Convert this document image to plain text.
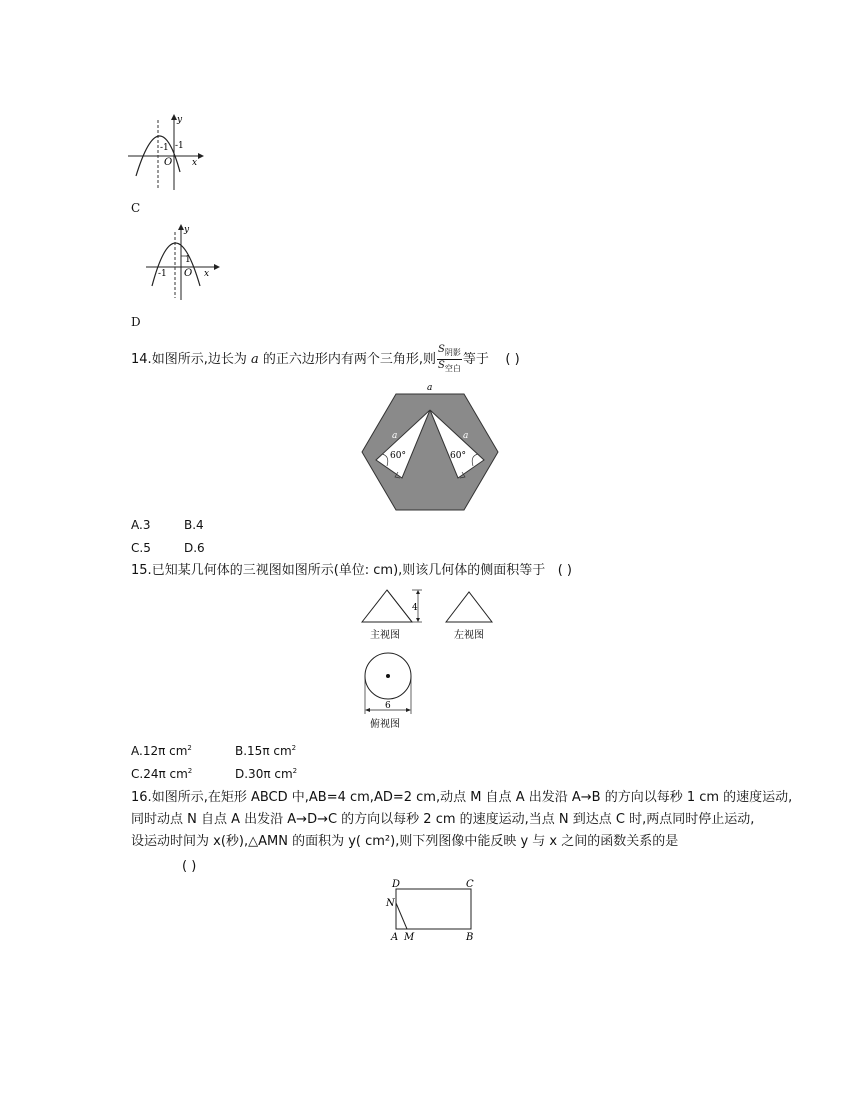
y
x
O
-1 -1
C
y
x
O
-1
1
D
14.如图所示,边长为 a 的正六边形内有两个三角形,则 $\frac{S_{阴影}}{S_{空白}}$ 等于 ( )
a
a	a
60°	60°
A.3	B.4
C.5	D.6
15.已知某几何体的三视图如图所示(单位: cm),则该几何体的侧面积等于 ( )
4
主视图	左视图
6
俯视图
A.12π $cm^2$	B.15π $cm^2$
C.24π $cm^2$	D.30π $cm^2$
16.如图所示,在矩形 ABCD 中,AB=4 cm,AD=2 cm,动点 M 自点 A 出发沿 A→B 的方向以每秒 1 cm 的速度运动,
同时动点 N 自点 A 出发沿 A→D→C 的方向以每秒 2 cm 的速度运动,当点 N 到达点 C 时,两点同时停止运动,
设运动时间为 x(秒),△AMN 的面积为 y( cm²),则下列图像中能反映 y 与 x 之间的函数关系的是
( )
D	C
N
A M	B
